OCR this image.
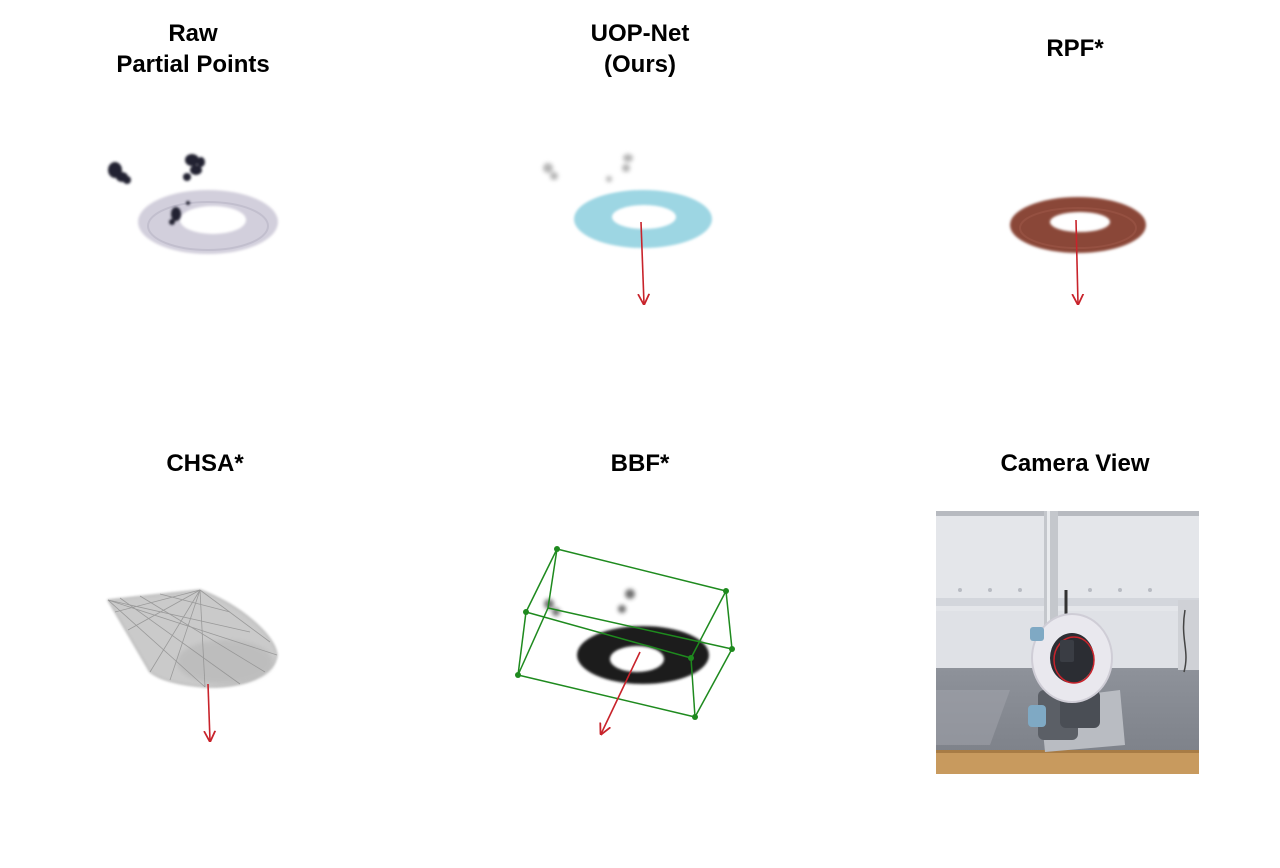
Raw
Partial Points
UOP-Net
(Ours)
RPF*
CHSA*	BBF*	Camera View
